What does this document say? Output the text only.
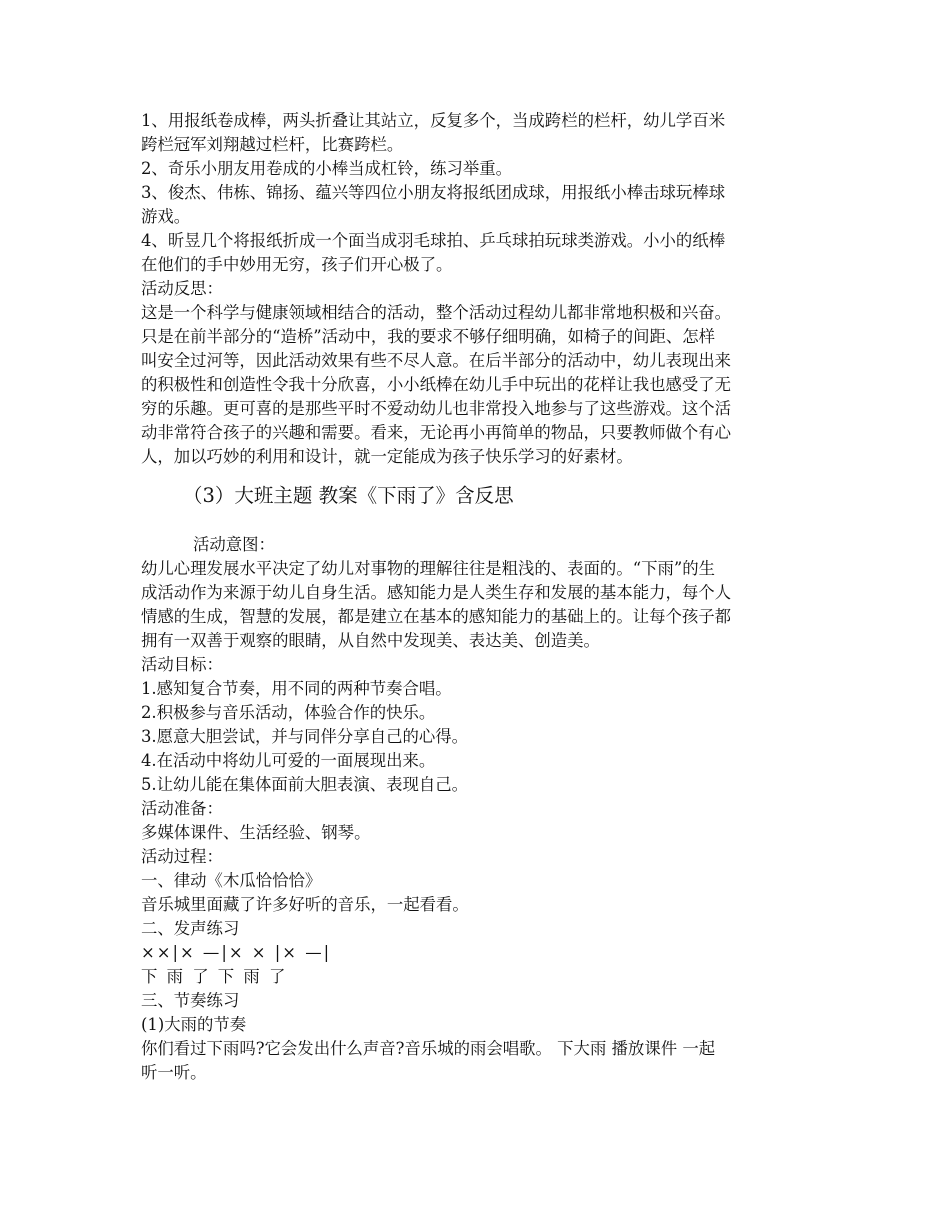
1、用报纸卷成棒，两头折叠让其站立，反复多个，当成跨栏的栏杆，幼儿学百米
跨栏冠军刘翔越过栏杆，比赛跨栏。
2、奇乐小朋友用卷成的小棒当成杠铃，练习举重。
3、俊杰、伟栋、锦扬、蕴兴等四位小朋友将报纸团成球，用报纸小棒击球玩棒球
游戏。
4、昕昱几个将报纸折成一个面当成羽毛球拍、乒乓球拍玩球类游戏。小小的纸棒
在他们的手中妙用无穷，孩子们开心极了。
活动反思：
这是一个科学与健康领域相结合的活动，整个活动过程幼儿都非常地积极和兴奋。
只是在前半部分的“造桥”活动中，我的要求不够仔细明确，如椅子的间距、怎样
叫安全过河等，因此活动效果有些不尽人意。在后半部分的活动中，幼儿表现出来
的积极性和创造性令我十分欣喜，小小纸棒在幼儿手中玩出的花样让我也感受了无
穷的乐趣。更可喜的是那些平时不爱动幼儿也非常投入地参与了这些游戏。这个活
动非常符合孩子的兴趣和需要。看来，无论再小再简单的物品，只要教师做个有心
人，加以巧妙的利用和设计，就一定能成为孩子快乐学习的好素材。
（3）大班主题 教案《下雨了》含反思
活动意图：
幼儿心理发展水平决定了幼儿对事物的理解往往是粗浅的、表面的。“下雨”的生
成活动作为来源于幼儿自身生活。感知能力是人类生存和发展的基本能力，每个人
情感的生成，智慧的发展，都是建立在基本的感知能力的基础上的。让每个孩子都
拥有一双善于观察的眼睛，从自然中发现美、表达美、创造美。
活动目标：
1.感知复合节奏，用不同的两种节奏合唱。
2.积极参与音乐活动，体验合作的快乐。
3.愿意大胆尝试，并与同伴分享自己的心得。
4.在活动中将幼儿可爱的一面展现出来。
5.让幼儿能在集体面前大胆表演、表现自己。
活动准备：
多媒体课件、生活经验、钢琴。
活动过程：
一、律动《木瓜恰恰恰》
音乐城里面藏了许多好听的音乐，一起看看。
二、发声练习
××|× —|× × |× —|
下 雨 了 下 雨 了
三、节奏练习
(1)大雨的节奏
你们看过下雨吗?它会发出什么声音?音乐城的雨会唱歌。 下大雨 播放课件 一起
听一听。
